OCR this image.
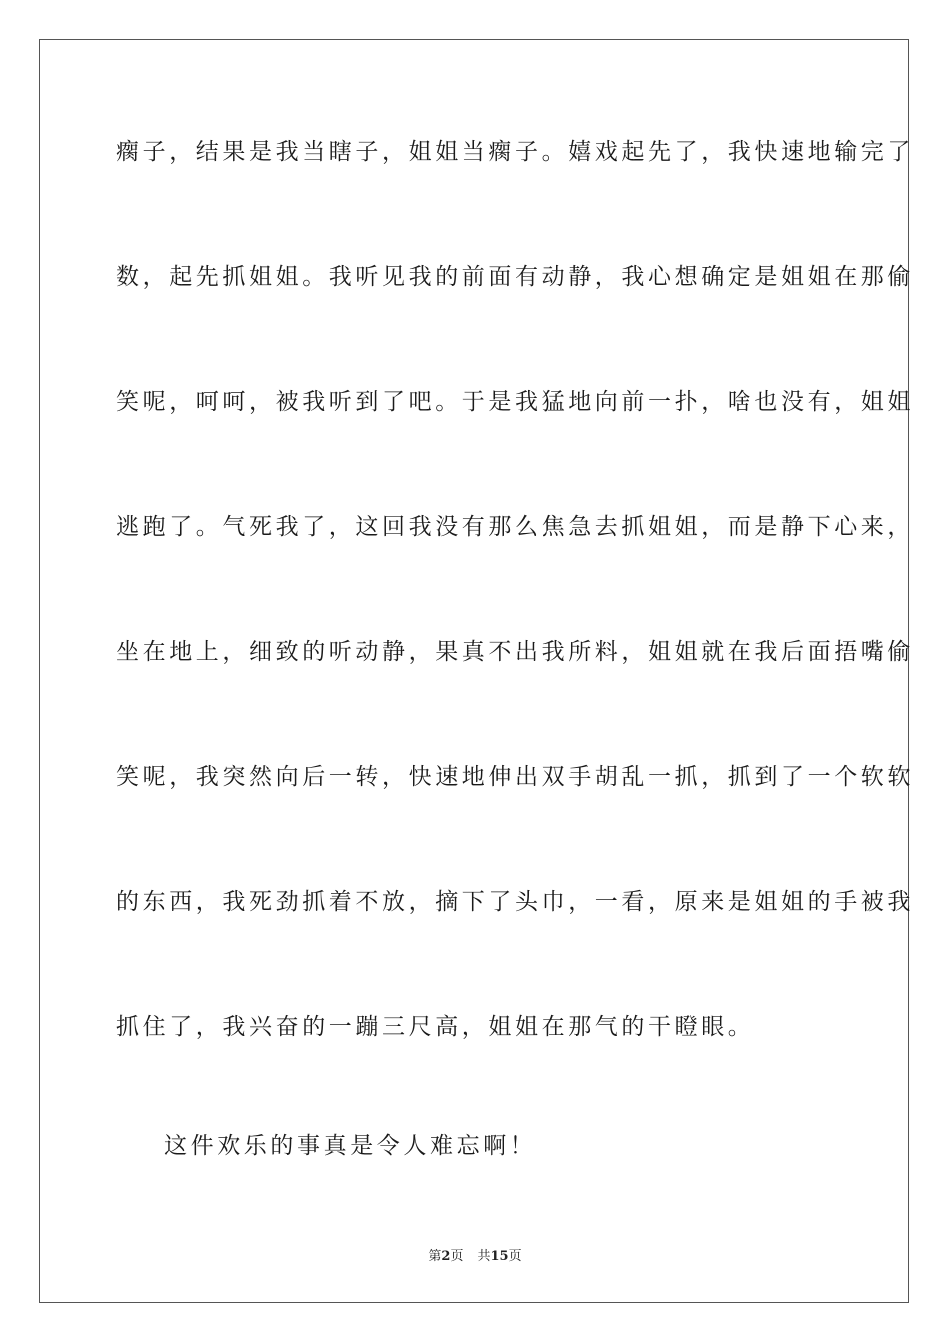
瘸子，结果是我当瞎子，姐姐当瘸子。嬉戏起先了，我快速地输完了
数，起先抓姐姐。我听见我的前面有动静，我心想确定是姐姐在那偷
笑呢，呵呵，被我听到了吧。于是我猛地向前一扑，啥也没有，姐姐
逃跑了。气死我了，这回我没有那么焦急去抓姐姐，而是静下心来，
坐在地上，细致的听动静，果真不出我所料，姐姐就在我后面捂嘴偷
笑呢，我突然向后一转，快速地伸出双手胡乱一抓，抓到了一个软软
的东西，我死劲抓着不放，摘下了头巾，一看，原来是姐姐的手被我
抓住了，我兴奋的一蹦三尺高，姐姐在那气的干瞪眼。
这件欢乐的事真是令人难忘啊！
第2页 共15页
